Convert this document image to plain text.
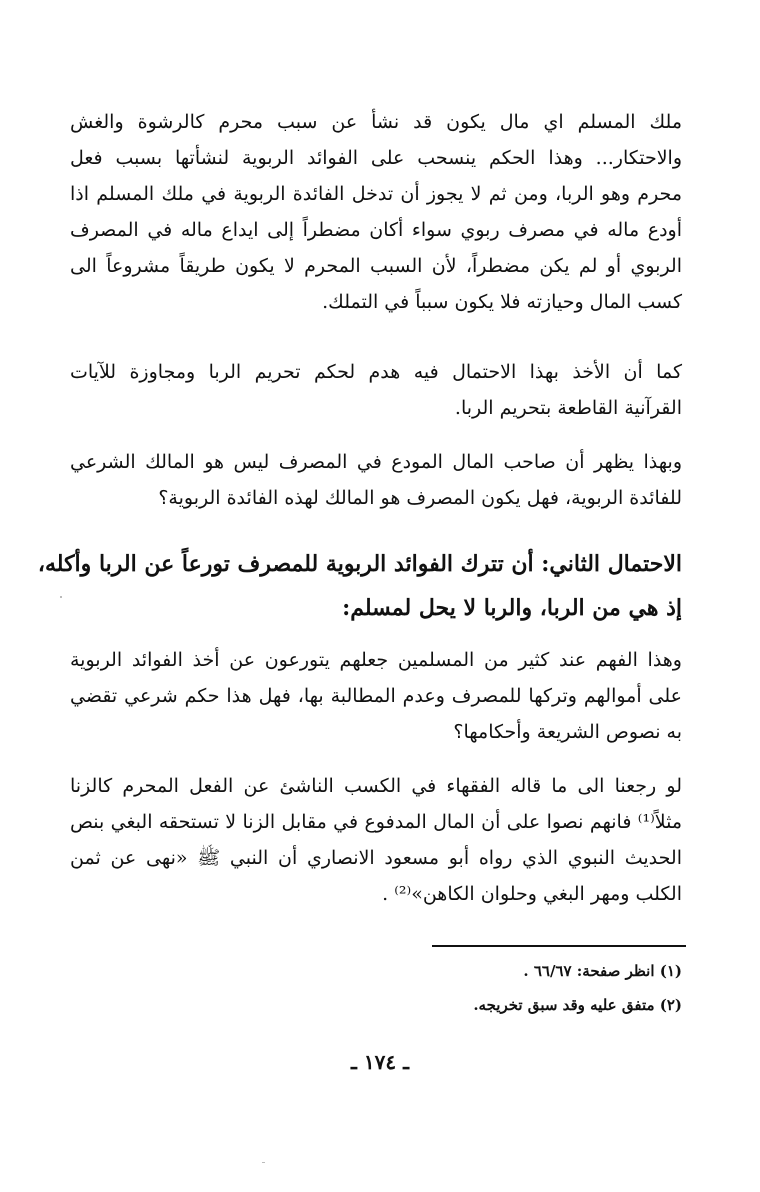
ملك المسلم اي مال يكون قد نشأ عن سبب محرم كالرشوة والغش
والاحتكار... وهذا الحكم ينسحب على الفوائد الربوية لنشأتها بسبب فعل
محرم وهو الربا، ومن ثم لا يجوز أن تدخل الفائدة الربوية في ملك المسلم اذا
أودع ماله في مصرف ربوي سواء أكان مضطراً إلى ايداع ماله في المصرف
الربوي أو لم يكن مضطراً، لأن السبب المحرم لا يكون طريقاً مشروعاً الى
كسب المال وحيازته فلا يكون سبباً في التملك.
كما أن الأخذ بهذا الاحتمال فيه هدم لحكم تحريم الربا ومجاوزة للآيات
القرآنية القاطعة بتحريم الربا.
وبهذا يظهر أن صاحب المال المودع في المصرف ليس هو المالك الشرعي
للفائدة الربوية، فهل يكون المصرف هو المالك لهذه الفائدة الربوية؟
الاحتمال الثاني: أن تترك الفوائد الربوية للمصرف تورعاً عن الربا وأكله،
إذ هي من الربا، والربا لا يحل لمسلم:
وهذا الفهم عند كثير من المسلمين جعلهم يتورعون عن أخذ الفوائد الربوية
على أموالهم وتركها للمصرف وعدم المطالبة بها، فهل هذا حكم شرعي تقضي
به نصوص الشريعة وأحكامها؟
لو رجعنا الى ما قاله الفقهاء في الكسب الناشئ عن الفعل المحرم كالزنا
مثلاً⁽¹⁾ فانهم نصوا على أن المال المدفوع في مقابل الزنا لا تستحقه البغي بنص
الحديث النبوي الذي رواه أبو مسعود الانصاري أن النبي ﷺ «نهى عن ثمن
الكلب ومهر البغي وحلوان الكاهن»⁽²⁾ .
(١) انظر صفحة: ٦٦/٦٧ .
(٢) متفق عليه وقد سبق تخريجه.
ـ ١٧٤ ـ
